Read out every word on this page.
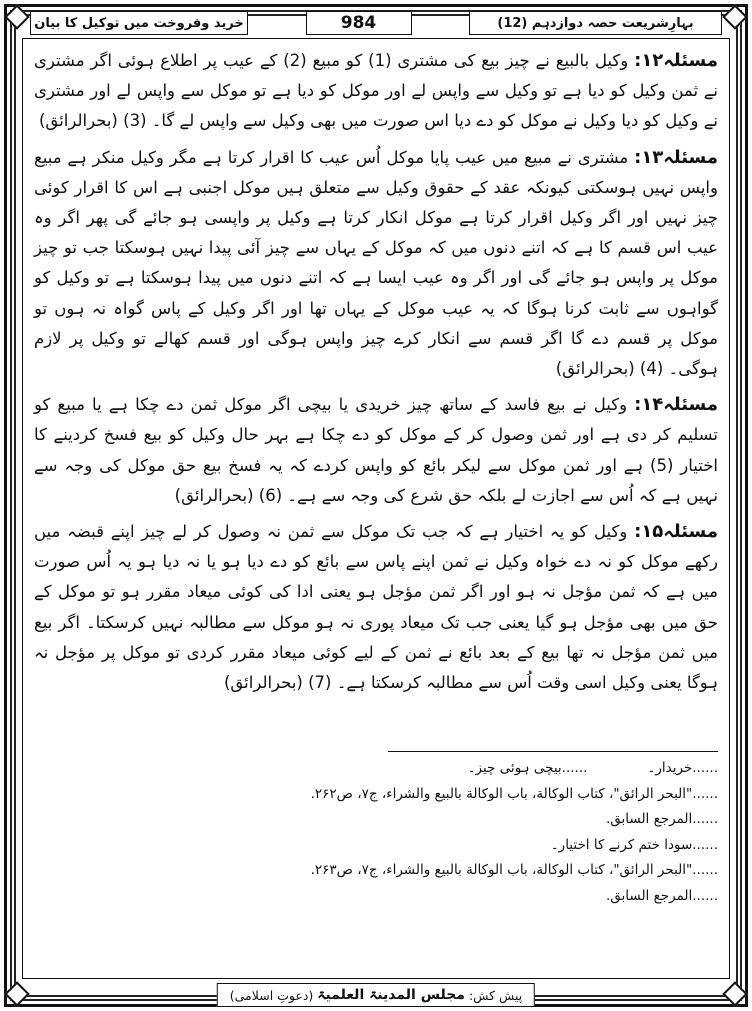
بہارِشریعت حصہ دوازدہم (12)
984
خرید وفروخت میں توکیل کا بیان

مسئلہ۱۲: وکیل بالبیع نے چیز بیع کی مشتری (1) کو مبیع (2) کے عیب پر اطلاع ہوئی اگر مشتری نے ثمن وکیل کو دیا ہے تو وکیل سے واپس لے اور موکل کو دیا ہے تو موکل سے واپس لے اور مشتری نے وکیل کو دیا وکیل نے موکل کو دے دیا اس صورت میں بھی وکیل سے واپس لے گا۔ (3) (بحرالرائق)

مسئلہ۱۳: مشتری نے مبیع میں عیب پایا موکل اُس عیب کا اقرار کرتا ہے مگر وکیل منکر ہے مبیع واپس نہیں ہوسکتی کیونکہ عقد کے حقوق وکیل سے متعلق ہیں موکل اجنبی ہے اس کا اقرار کوئی چیز نہیں اور اگر وکیل اقرار کرتا ہے موکل انکار کرتا ہے وکیل پر واپسی ہو جائے گی پھر اگر وہ عیب اس قسم کا ہے کہ اتنے دنوں میں کہ موکل کے یہاں سے چیز آئی پیدا نہیں ہوسکتا جب تو چیز موکل پر واپس ہو جائے گی اور اگر وہ عیب ایسا ہے کہ اتنے دنوں میں پیدا ہوسکتا ہے تو وکیل کو گواہوں سے ثابت کرنا ہوگا کہ یہ عیب موکل کے یہاں تھا اور اگر وکیل کے پاس گواہ نہ ہوں تو موکل پر قسم دے گا اگر قسم سے انکار کرے چیز واپس ہوگی اور قسم کھالے تو وکیل پر لازم ہوگی۔ (4) (بحرالرائق)

مسئلہ۱۴: وکیل نے بیع فاسد کے ساتھ چیز خریدی یا بیچی اگر موکل ثمن دے چکا ہے یا مبیع کو تسلیم کر دی ہے اور ثمن وصول کر کے موکل کو دے چکا ہے بہر حال وکیل کو بیع فسخ کردینے کا اختیار (5) ہے اور ثمن موکل سے لیکر بائع کو واپس کردے کہ یہ فسخ بیع حق موکل کی وجہ سے نہیں ہے کہ اُس سے اجازت لے بلکہ حق شرع کی وجہ سے ہے۔ (6) (بحرالرائق)

مسئلہ۱۵: وکیل کو یہ اختیار ہے کہ جب تک موکل سے ثمن نہ وصول کر لے چیز اپنے قبضہ میں رکھے موکل کو نہ دے خواہ وکیل نے ثمن اپنے پاس سے بائع کو دے دیا ہو یا نہ دیا ہو یہ اُس صورت میں ہے کہ ثمن مؤجل نہ ہو اور اگر ثمن مؤجل ہو یعنی ادا کی کوئی میعاد مقرر ہو تو موکل کے حق میں بھی مؤجل ہو گیا یعنی جب تک میعاد پوری نہ ہو موکل سے مطالبہ نہیں کرسکتا۔ اگر بیع میں ثمن مؤجل نہ تھا بیع کے بعد بائع نے ثمن کے لیے کوئی میعاد مقرر کردی تو موکل پر مؤجل نہ ہوگا یعنی وکیل اسی وقت اُس سے مطالبہ کرسکتا ہے۔ (7) (بحرالرائق)

......خریدار۔
......بیچی ہوئی چیز۔
......"البحر الرائق"، كتاب الوكالة، باب الوكالة بالبيع والشراء، ج۷، ص۲۶۲.
......المرجع السابق.
......سودا ختم کرنے کا اختیار۔
......"البحر الرائق"، كتاب الوكالة، باب الوكالة بالبيع والشراء، ج۷، ص۲۶۳.
......المرجع السابق.
پیش کش:
مجلس المدینۃ العلمیۃ
(دعوتِ اسلامی)
